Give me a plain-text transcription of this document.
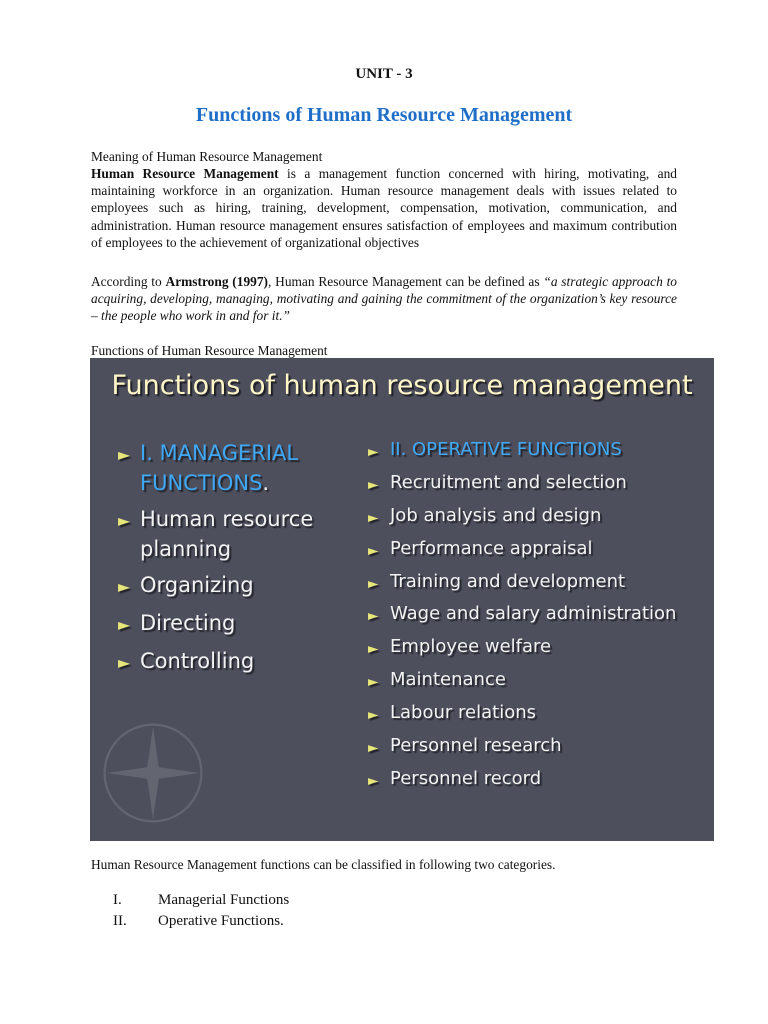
UNIT - 3
Functions of Human Resource Management
Meaning of Human Resource Management
Human Resource Management is a management function concerned with hiring, motivating, and maintaining workforce in an organization. Human resource management deals with issues related to employees such as hiring, training, development, compensation, motivation, communication, and administration. Human resource management ensures satisfaction of employees and maximum contribution of employees to the achievement of organizational objectives
According to Armstrong (1997), Human Resource Management can be defined as “a strategic approach to acquiring, developing, managing, motivating and gaining the commitment of the organization’s key resource – the people who work in and for it.”
Functions of Human Resource Management
Functions of human resource management
► I. MANAGERIAL FUNCTIONS.
► Human resource planning
► Organizing
► Directing
► Controlling
► II. OPERATIVE FUNCTIONS
► Recruitment and selection
► Job analysis and design
► Performance appraisal
► Training and development
► Wage and salary administration
► Employee welfare
► Maintenance
► Labour relations
► Personnel research
► Personnel record
Human Resource Management functions can be classified in following two categories.
I.	Managerial Functions
II.	Operative Functions.
